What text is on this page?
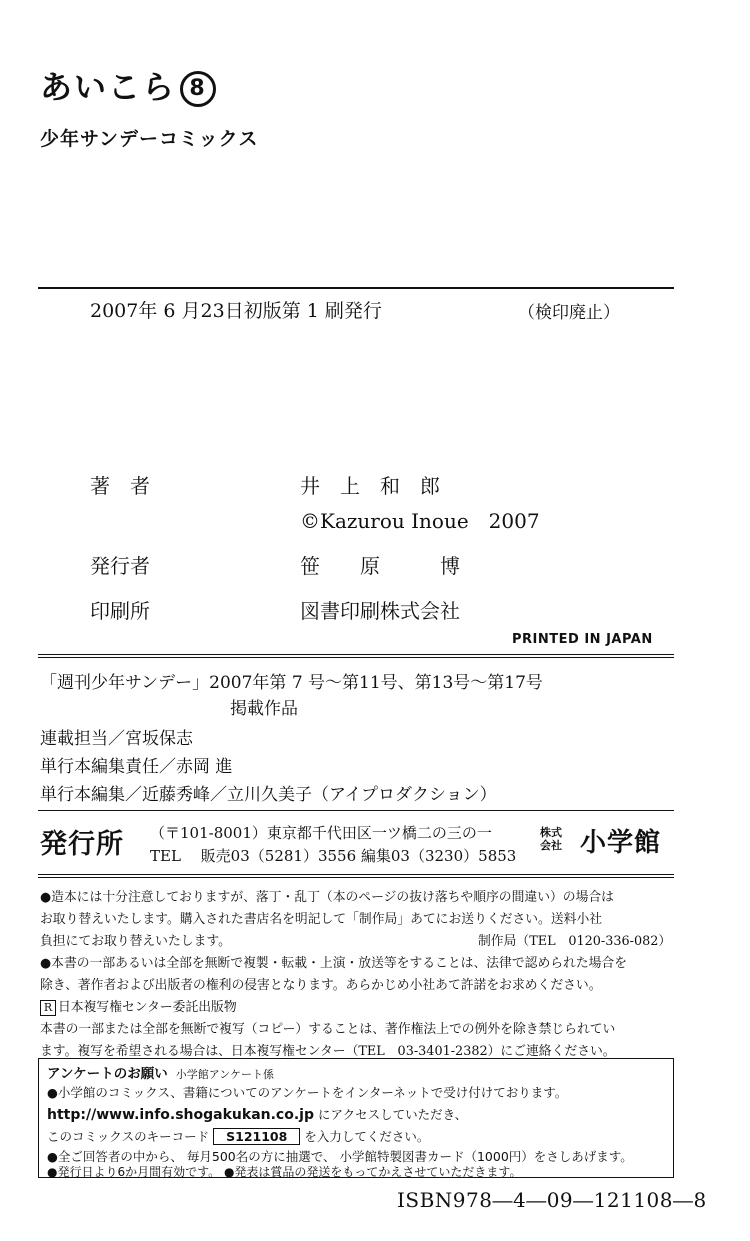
あいこら 8
少年サンデーコミックス
2007年 6 月23日初版第 1 刷発行	（検印廃止）
著　者	井　上　和　郎
©Kazurou Inoue　2007
発行者	笹　　原　　　博
印刷所	図書印刷株式会社
PRINTED IN JAPAN
「週刊少年サンデー」2007年第 7 号～第11号、第13号～第17号
掲載作品
連載担当／宮坂保志
単行本編集責任／赤岡 進
単行本編集／近藤秀峰／立川久美子（アイプロダクション）
発行所 （〒101-8001）東京都千代田区一ツ橋二の三の一
TEL　 販売03（5281）3556 編集03（3230）5853
株式
会社 小学館
●造本には十分注意しておりますが、落丁・乱丁（本のページの抜け落ちや順序の間違い）の場合は
お取り替えいたします。購入された書店名を明記して「制作局」あてにお送りください。送料小社
負担にてお取り替えいたします。	制作局（TEL　0120-336-082）
●本書の一部あるいは全部を無断で複製・転載・上演・放送等をすることは、法律で認められた場合を
除き、著作者および出版者の権利の侵害となります。あらかじめ小社あて許諾をお求めください。
R 日本複写権センター委託出版物
本書の一部または全部を無断で複写（コピー）することは、著作権法上での例外を除き禁じられてい
ます。複写を希望される場合は、日本複写権センター（TEL　03-3401-2382）にご連絡ください。
アンケートのお願い 小学館アンケート係
●小学館のコミックス、書籍についてのアンケートをインターネットで受け付けております。
http://www.info.shogakukan.co.jp にアクセスしていただき、
このコミックスのキーコード S121108 を入力してください。
●全ご回答者の中から、 毎月500名の方に抽選で、 小学館特製図書カード（1000円）をさしあげます。
●発行日より6か月間有効です。 ●発表は賞品の発送をもってかえさせていただきます。
ISBN978―4―09―121108―8
